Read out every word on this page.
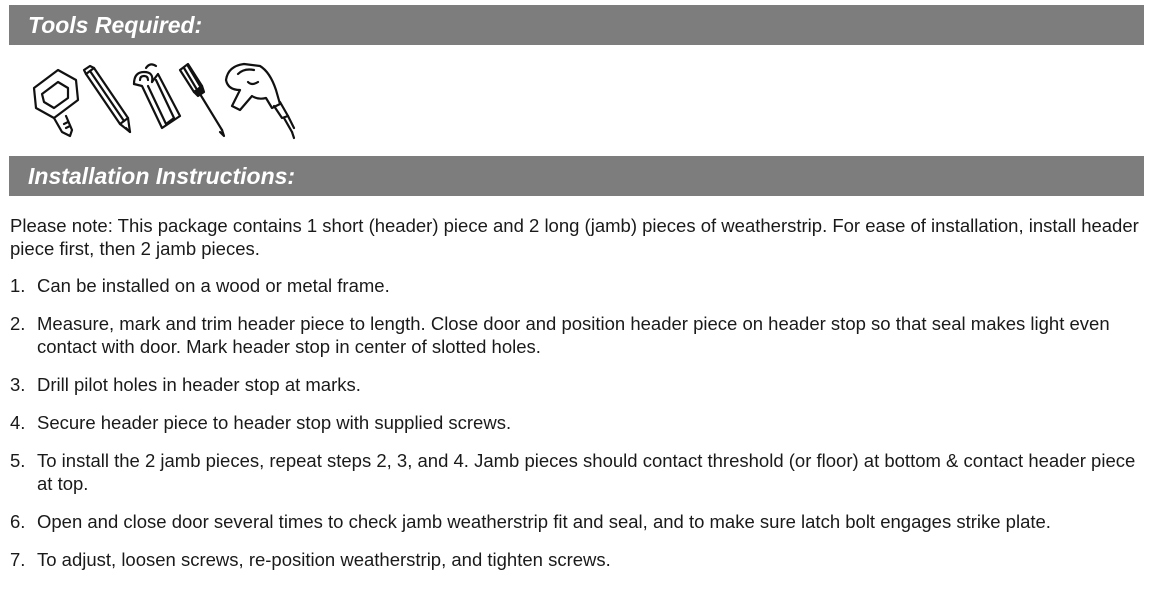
Tools Required:
Installation Instructions:

Please note: This package contains 1 short (header) piece and 2 long (jamb) pieces of weatherstrip. For ease of installation, install header piece first, then 2 jamb pieces.

1. Can be installed on a wood or metal frame.
2. Measure, mark and trim header piece to length. Close door and position header piece on header stop so that seal makes light even contact with door. Mark header stop in center of slotted holes.
3. Drill pilot holes in header stop at marks.
4. Secure header piece to header stop with supplied screws.
5. To install the 2 jamb pieces, repeat steps 2, 3, and 4. Jamb pieces should contact threshold (or floor) at bottom & contact header piece at top.
6. Open and close door several times to check jamb weatherstrip fit and seal, and to make sure latch bolt engages strike plate.
7. To adjust, loosen screws, re-position weatherstrip, and tighten screws.
